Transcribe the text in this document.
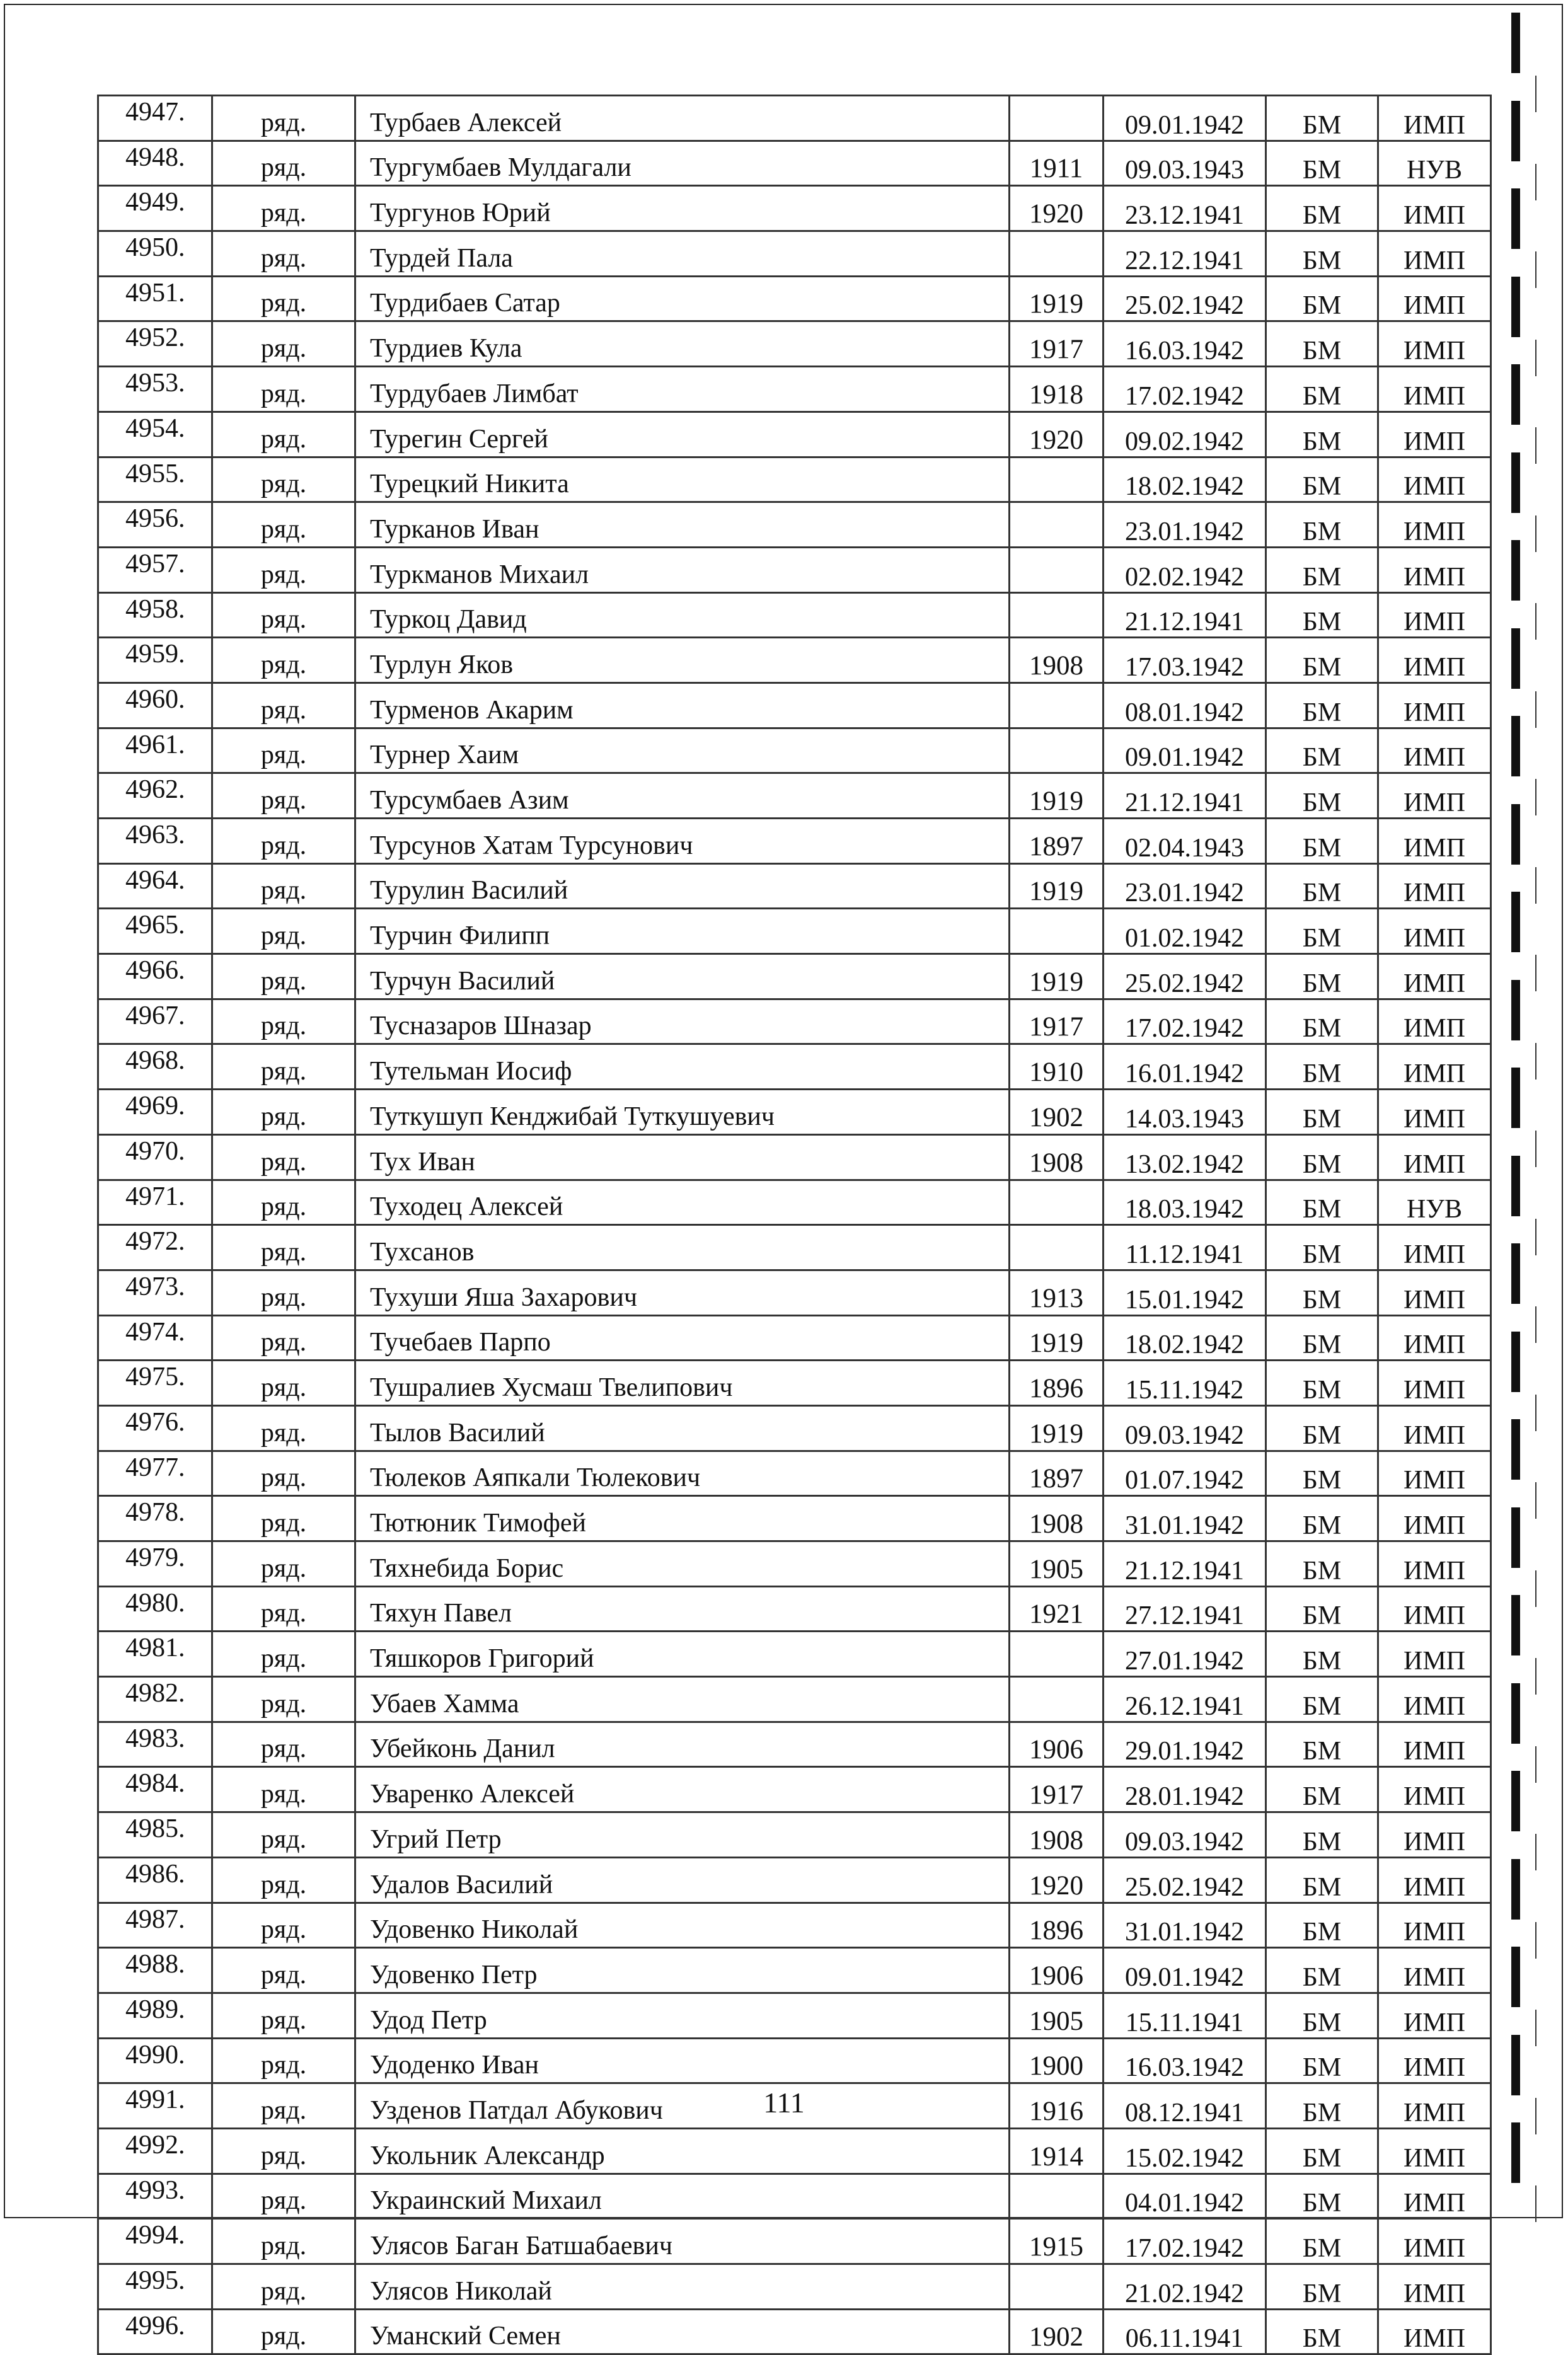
4947.	ряд.	Турбаев Алексей		09.01.1942	БМ	ИМП
4948.	ряд.	Тургумбаев Мулдагали	1911	09.03.1943	БМ	НУВ
4949.	ряд.	Тургунов Юрий	1920	23.12.1941	БМ	ИМП
4950.	ряд.	Турдей Пала		22.12.1941	БМ	ИМП
4951.	ряд.	Турдибаев Сатар	1919	25.02.1942	БМ	ИМП
4952.	ряд.	Турдиев Кула	1917	16.03.1942	БМ	ИМП
4953.	ряд.	Турдубаев Лимбат	1918	17.02.1942	БМ	ИМП
4954.	ряд.	Турегин Сергей	1920	09.02.1942	БМ	ИМП
4955.	ряд.	Турецкий Никита		18.02.1942	БМ	ИМП
4956.	ряд.	Турканов Иван		23.01.1942	БМ	ИМП
4957.	ряд.	Туркманов Михаил		02.02.1942	БМ	ИМП
4958.	ряд.	Туркоц Давид		21.12.1941	БМ	ИМП
4959.	ряд.	Турлун Яков	1908	17.03.1942	БМ	ИМП
4960.	ряд.	Турменов Акарим		08.01.1942	БМ	ИМП
4961.	ряд.	Турнер Хаим		09.01.1942	БМ	ИМП
4962.	ряд.	Турсумбаев Азим	1919	21.12.1941	БМ	ИМП
4963.	ряд.	Турсунов Хатам Турсунович	1897	02.04.1943	БМ	ИМП
4964.	ряд.	Турулин Василий	1919	23.01.1942	БМ	ИМП
4965.	ряд.	Турчин Филипп		01.02.1942	БМ	ИМП
4966.	ряд.	Турчун Василий	1919	25.02.1942	БМ	ИМП
4967.	ряд.	Тусназаров Шназар	1917	17.02.1942	БМ	ИМП
4968.	ряд.	Тутельман Иосиф	1910	16.01.1942	БМ	ИМП
4969.	ряд.	Туткушуп Кенджибай Туткушуевич	1902	14.03.1943	БМ	ИМП
4970.	ряд.	Тух Иван	1908	13.02.1942	БМ	ИМП
4971.	ряд.	Туходец Алексей		18.03.1942	БМ	НУВ
4972.	ряд.	Тухсанов		11.12.1941	БМ	ИМП
4973.	ряд.	Тухуши Яша Захарович	1913	15.01.1942	БМ	ИМП
4974.	ряд.	Тучебаев Парпо	1919	18.02.1942	БМ	ИМП
4975.	ряд.	Тушралиев Хусмаш Твелипович	1896	15.11.1942	БМ	ИМП
4976.	ряд.	Тылов Василий	1919	09.03.1942	БМ	ИМП
4977.	ряд.	Тюлеков Аяпкали Тюлекович	1897	01.07.1942	БМ	ИМП
4978.	ряд.	Тютюник Тимофей	1908	31.01.1942	БМ	ИМП
4979.	ряд.	Тяхнебида Борис	1905	21.12.1941	БМ	ИМП
4980.	ряд.	Тяхун Павел	1921	27.12.1941	БМ	ИМП
4981.	ряд.	Тяшкоров Григорий		27.01.1942	БМ	ИМП
4982.	ряд.	Убаев Хамма		26.12.1941	БМ	ИМП
4983.	ряд.	Убейконь Данил	1906	29.01.1942	БМ	ИМП
4984.	ряд.	Уваренко Алексей	1917	28.01.1942	БМ	ИМП
4985.	ряд.	Угрий Петр	1908	09.03.1942	БМ	ИМП
4986.	ряд.	Удалов Василий	1920	25.02.1942	БМ	ИМП
4987.	ряд.	Удовенко Николай	1896	31.01.1942	БМ	ИМП
4988.	ряд.	Удовенко Петр	1906	09.01.1942	БМ	ИМП
4989.	ряд.	Удод Петр	1905	15.11.1941	БМ	ИМП
4990.	ряд.	Удоденко Иван	1900	16.03.1942	БМ	ИМП
4991.	ряд.	Узденов Патдал Абукович	1916	08.12.1941	БМ	ИМП
4992.	ряд.	Укольник Александр	1914	15.02.1942	БМ	ИМП
4993.	ряд.	Украинский Михаил		04.01.1942	БМ	ИМП
4994.	ряд.	Улясов Баган Батшабаевич	1915	17.02.1942	БМ	ИМП
4995.	ряд.	Улясов Николай		21.02.1942	БМ	ИМП
4996.	ряд.	Уманский Семен	1902	06.11.1941	БМ	ИМП
111
